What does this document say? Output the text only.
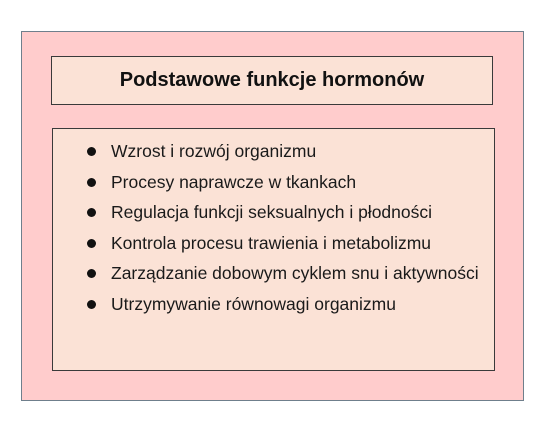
Podstawowe funkcje hormonów
Wzrost i rozwój organizmu
Procesy naprawcze w tkankach
Regulacja funkcji seksualnych i płodności
Kontrola procesu trawienia i metabolizmu
Zarządzanie dobowym cyklem snu i aktywności
Utrzymywanie równowagi organizmu
